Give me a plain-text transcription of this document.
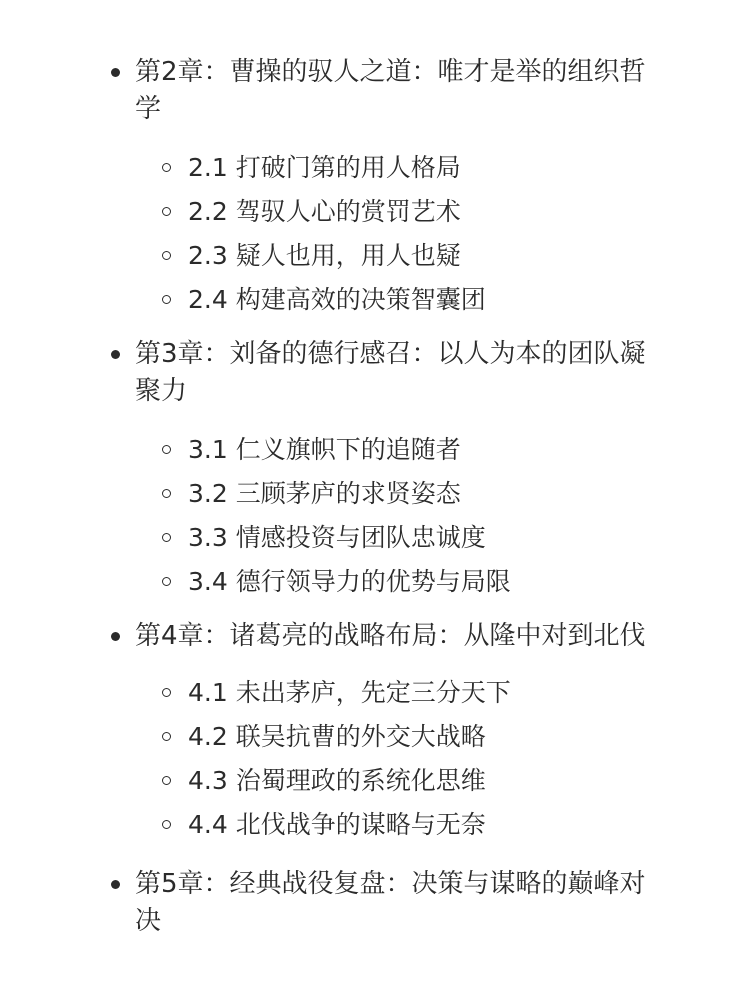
第2章：曹操的驭人之道：唯才是举的组织哲学
2.1 打破门第的用人格局
2.2 驾驭人心的赏罚艺术
2.3 疑人也用，用人也疑
2.4 构建高效的决策智囊团
第3章：刘备的德行感召：以人为本的团队凝聚力
3.1 仁义旗帜下的追随者
3.2 三顾茅庐的求贤姿态
3.3 情感投资与团队忠诚度
3.4 德行领导力的优势与局限
第4章：诸葛亮的战略布局：从隆中对到北伐
4.1 未出茅庐，先定三分天下
4.2 联吴抗曹的外交大战略
4.3 治蜀理政的系统化思维
4.4 北伐战争的谋略与无奈
第5章：经典战役复盘：决策与谋略的巅峰对决
